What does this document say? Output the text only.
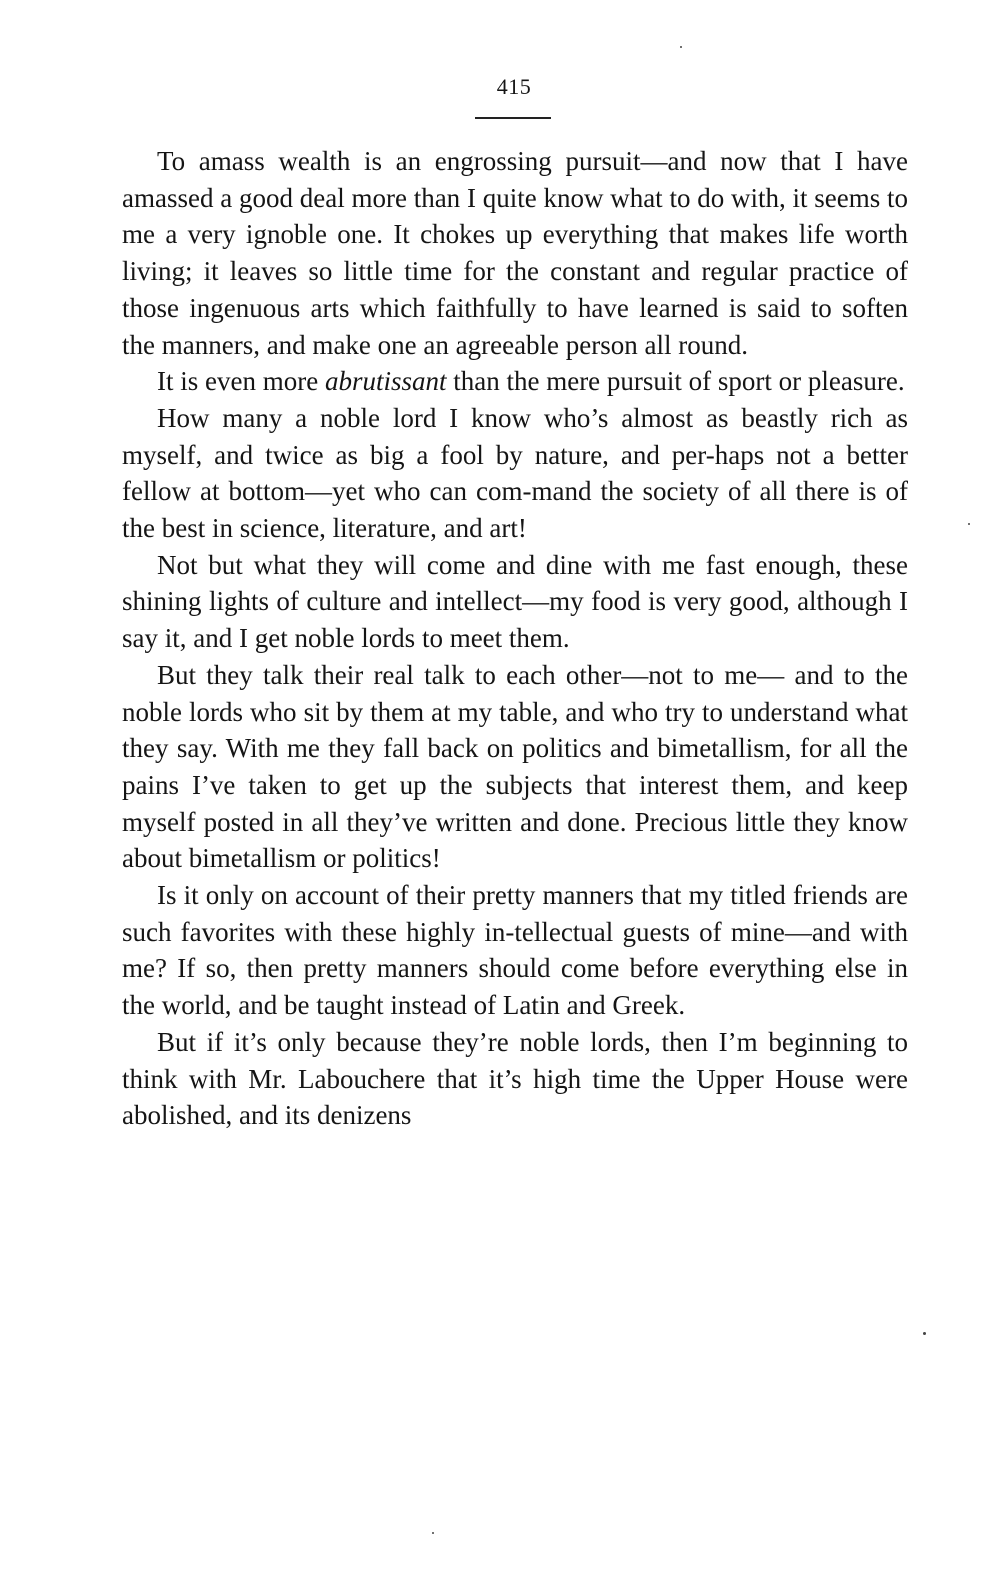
415

To amass wealth is an engrossing pursuit—and now that I have amassed a good deal more than I quite know what to do with, it seems to me a very ignoble one. It chokes up everything that makes life worth living; it leaves so little time for the constant and regular practice of those ingenuous arts which faithfully to have learned is said to soften the manners, and make one an agreeable person all round.

It is even more abrutissant than the mere pursuit of sport or pleasure.

How many a noble lord I know who’s almost as beastly rich as myself, and twice as big a fool by nature, and per-haps not a better fellow at bottom—yet who can com-mand the society of all there is of the best in science, literature, and art!

Not but what they will come and dine with me fast enough, these shining lights of culture and intellect—my food is very good, although I say it, and I get noble lords to meet them.

But they talk their real talk to each other—not to me— and to the noble lords who sit by them at my table, and who try to understand what they say. With me they fall back on politics and bimetallism, for all the pains I’ve taken to get up the subjects that interest them, and keep myself posted in all they’ve written and done. Precious little they know about bimetallism or politics!

Is it only on account of their pretty manners that my titled friends are such favorites with these highly in-tellectual guests of mine—and with me? If so, then pretty manners should come before everything else in the world, and be taught instead of Latin and Greek.

But if it’s only because they’re noble lords, then I’m beginning to think with Mr. Labouchere that it’s high time the Upper House were abolished, and its denizens
